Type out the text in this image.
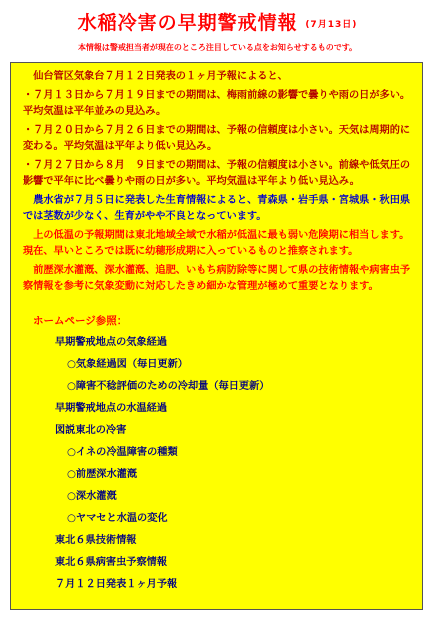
水稲冷害の早期警戒情報 (7月13日)
本情報は警戒担当者が現在のところ注目している点をお知らせするものです。

仙台管区気象台７月１２日発表の１ヶ月予報によると、

・７月１３日から７月１９日までの期間は、梅雨前線の影響で曇りや雨の日が多い。平均気温は平年並みの見込み。

・７月２０日から７月２６日までの期間は、予報の信頼度は小さい。天気は周期的に変わる。平均気温は平年より低い見込み。

・７月２７日から８月　９日までの期間は、予報の信頼度は小さい。前線や低気圧の影響で平年に比べ曇りや雨の日が多い。平均気温は平年より低い見込み。

農水省が７月５日に発表した生育情報によると、青森県・岩手県・宮城県・秋田県では茎数が少なく、生育がやや不良となっています。

上の低温の予報期間は東北地域全域で水稲が低温に最も弱い危険期に相当します。現在、早いところでは既に幼穂形成期に入っているものと推察されます。

前歴深水灌漑、深水灌漑、追肥、いもち病防除等に関して県の技術情報や病害虫予察情報を参考に気象変動に対応したきめ細かな管理が極めて重要となります。

ホームページ参照：
早期警戒地点の気象経過
○気象経過図（毎日更新）
○障害不稔評価のための冷却量（毎日更新）
早期警戒地点の水温経過
図説東北の冷害
○イネの冷温障害の種類
○前歴深水灌漑
○深水灌漑
○ヤマセと水温の変化
東北６県技術情報
東北６県病害虫予察情報
７月１２日発表１ヶ月予報
